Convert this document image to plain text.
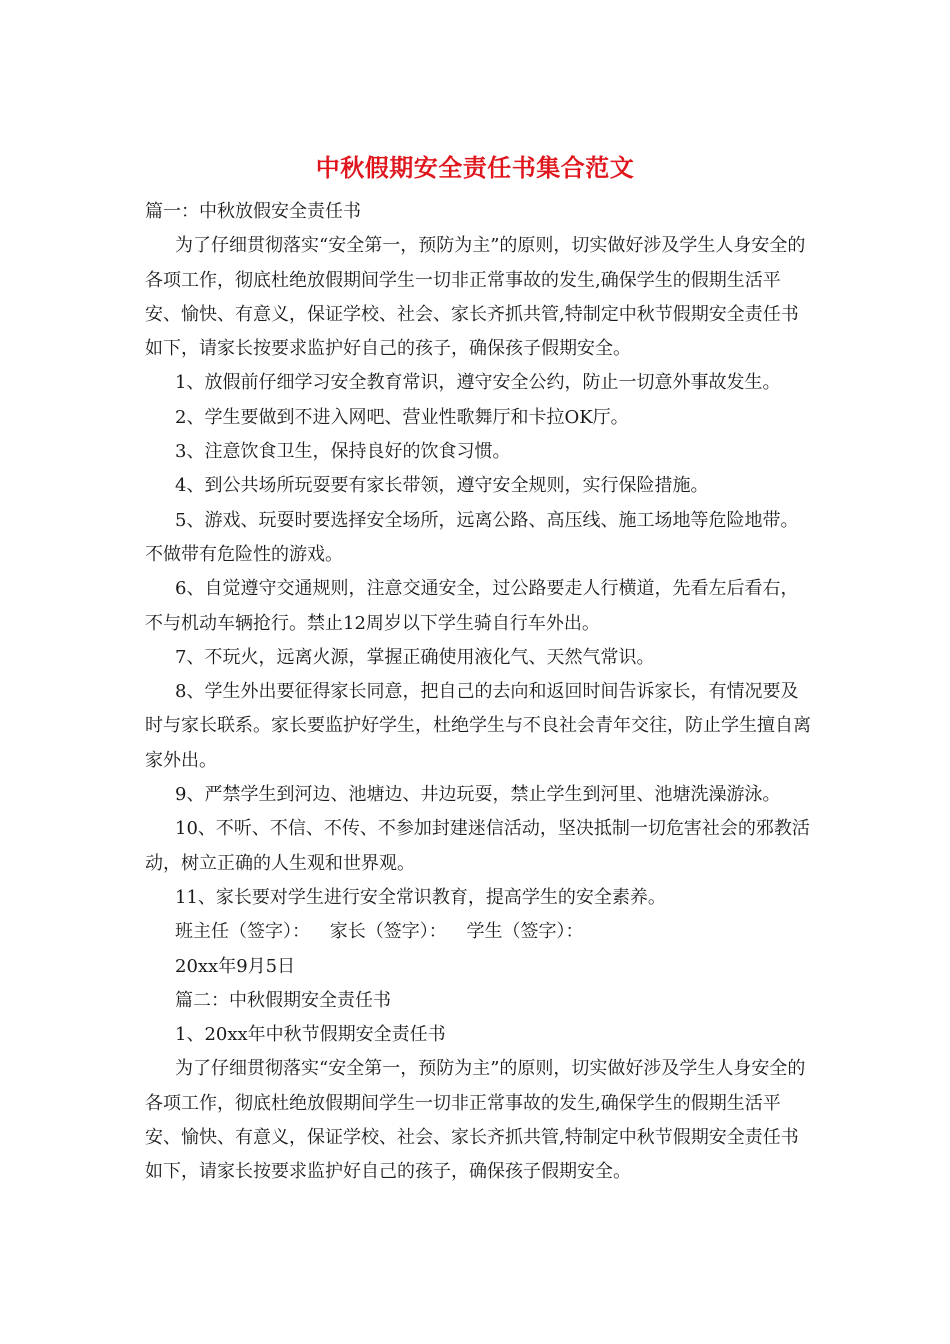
中秋假期安全责任书集合范文

篇一：中秋放假安全责任书

为了仔细贯彻落实“安全第一，预防为主”的原则，切实做好涉及学生人身安全的各项工作，彻底杜绝放假期间学生一切非正常事故的发生,确保学生的假期生活平安、愉快、有意义，保证学校、社会、家长齐抓共管,特制定中秋节假期安全责任书如下，请家长按要求监护好自己的孩子，确保孩子假期安全。

1、放假前仔细学习安全教育常识，遵守安全公约，防止一切意外事故发生。

2、学生要做到不进入网吧、营业性歌舞厅和卡拉OK厅。

3、注意饮食卫生，保持良好的饮食习惯。

4、到公共场所玩耍要有家长带领，遵守安全规则，实行保险措施。

5、游戏、玩耍时要选择安全场所，远离公路、高压线、施工场地等危险地带。不做带有危险性的游戏。

6、自觉遵守交通规则，注意交通安全，过公路要走人行横道，先看左后看右，不与机动车辆抢行。禁止12周岁以下学生骑自行车外出。

7、不玩火，远离火源，掌握正确使用液化气、天然气常识。

8、学生外出要征得家长同意，把自己的去向和返回时间告诉家长，有情况要及时与家长联系。家长要监护好学生，杜绝学生与不良社会青年交往，防止学生擅自离家外出。

9、严禁学生到河边、池塘边、井边玩耍，禁止学生到河里、池塘洗澡游泳。

10、不听、不信、不传、不参加封建迷信活动，坚决抵制一切危害社会的邪教活动，树立正确的人生观和世界观。

11、家长要对学生进行安全常识教育，提高学生的安全素养。

班主任（签字）： 家长（签字）： 学生（签字）：

20xx年9月5日

篇二：中秋假期安全责任书

1、20xx年中秋节假期安全责任书

为了仔细贯彻落实“安全第一，预防为主”的原则，切实做好涉及学生人身安全的各项工作，彻底杜绝放假期间学生一切非正常事故的发生,确保学生的假期生活平安、愉快、有意义，保证学校、社会、家长齐抓共管,特制定中秋节假期安全责任书如下，请家长按要求监护好自己的孩子，确保孩子假期安全。
